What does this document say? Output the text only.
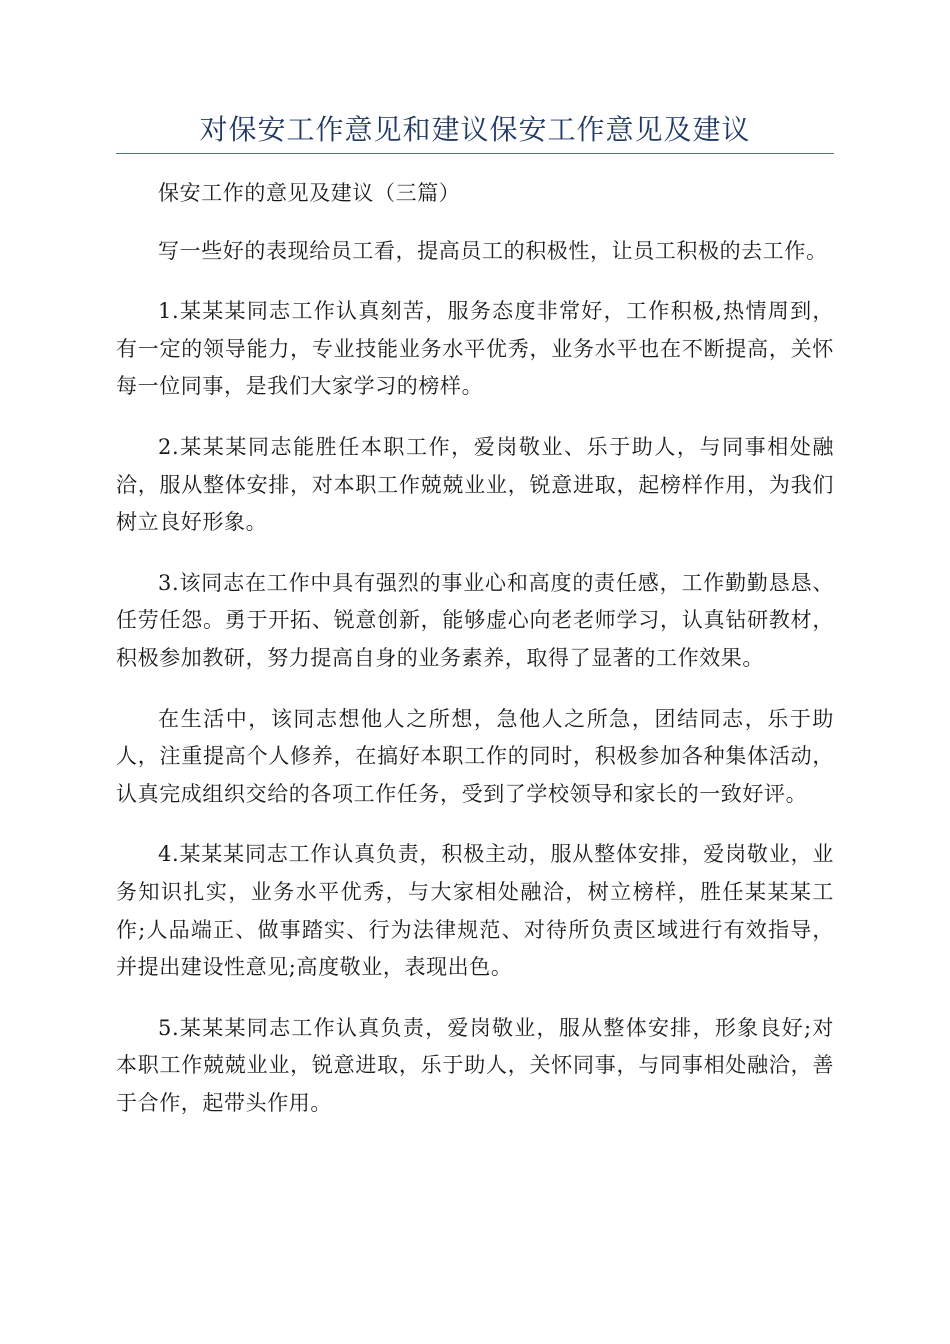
对保安工作意见和建议保安工作意见及建议

保安工作的意见及建议（三篇）

写一些好的表现给员工看，提高员工的积极性，让员工积极的去工作。

1.某某某同志工作认真刻苦，服务态度非常好，工作积极,热情周到，有一定的领导能力，专业技能业务水平优秀，业务水平也在不断提高，关怀每一位同事，是我们大家学习的榜样。

2.某某某同志能胜任本职工作，爱岗敬业、乐于助人，与同事相处融洽，服从整体安排，对本职工作兢兢业业，锐意进取，起榜样作用，为我们树立良好形象。

3.该同志在工作中具有强烈的事业心和高度的责任感，工作勤勤恳恳、任劳任怨。勇于开拓、锐意创新，能够虚心向老老师学习，认真钻研教材，积极参加教研，努力提高自身的业务素养，取得了显著的工作效果。

在生活中，该同志想他人之所想，急他人之所急，团结同志，乐于助人，注重提高个人修养，在搞好本职工作的同时，积极参加各种集体活动，认真完成组织交给的各项工作任务，受到了学校领导和家长的一致好评。

4.某某某同志工作认真负责，积极主动，服从整体安排，爱岗敬业，业务知识扎实，业务水平优秀，与大家相处融洽，树立榜样，胜任某某某工作;人品端正、做事踏实、行为法律规范、对待所负责区域进行有效指导，并提出建设性意见;高度敬业，表现出色。

5.某某某同志工作认真负责，爱岗敬业，服从整体安排，形象良好;对本职工作兢兢业业，锐意进取，乐于助人，关怀同事，与同事相处融洽，善于合作，起带头作用。
